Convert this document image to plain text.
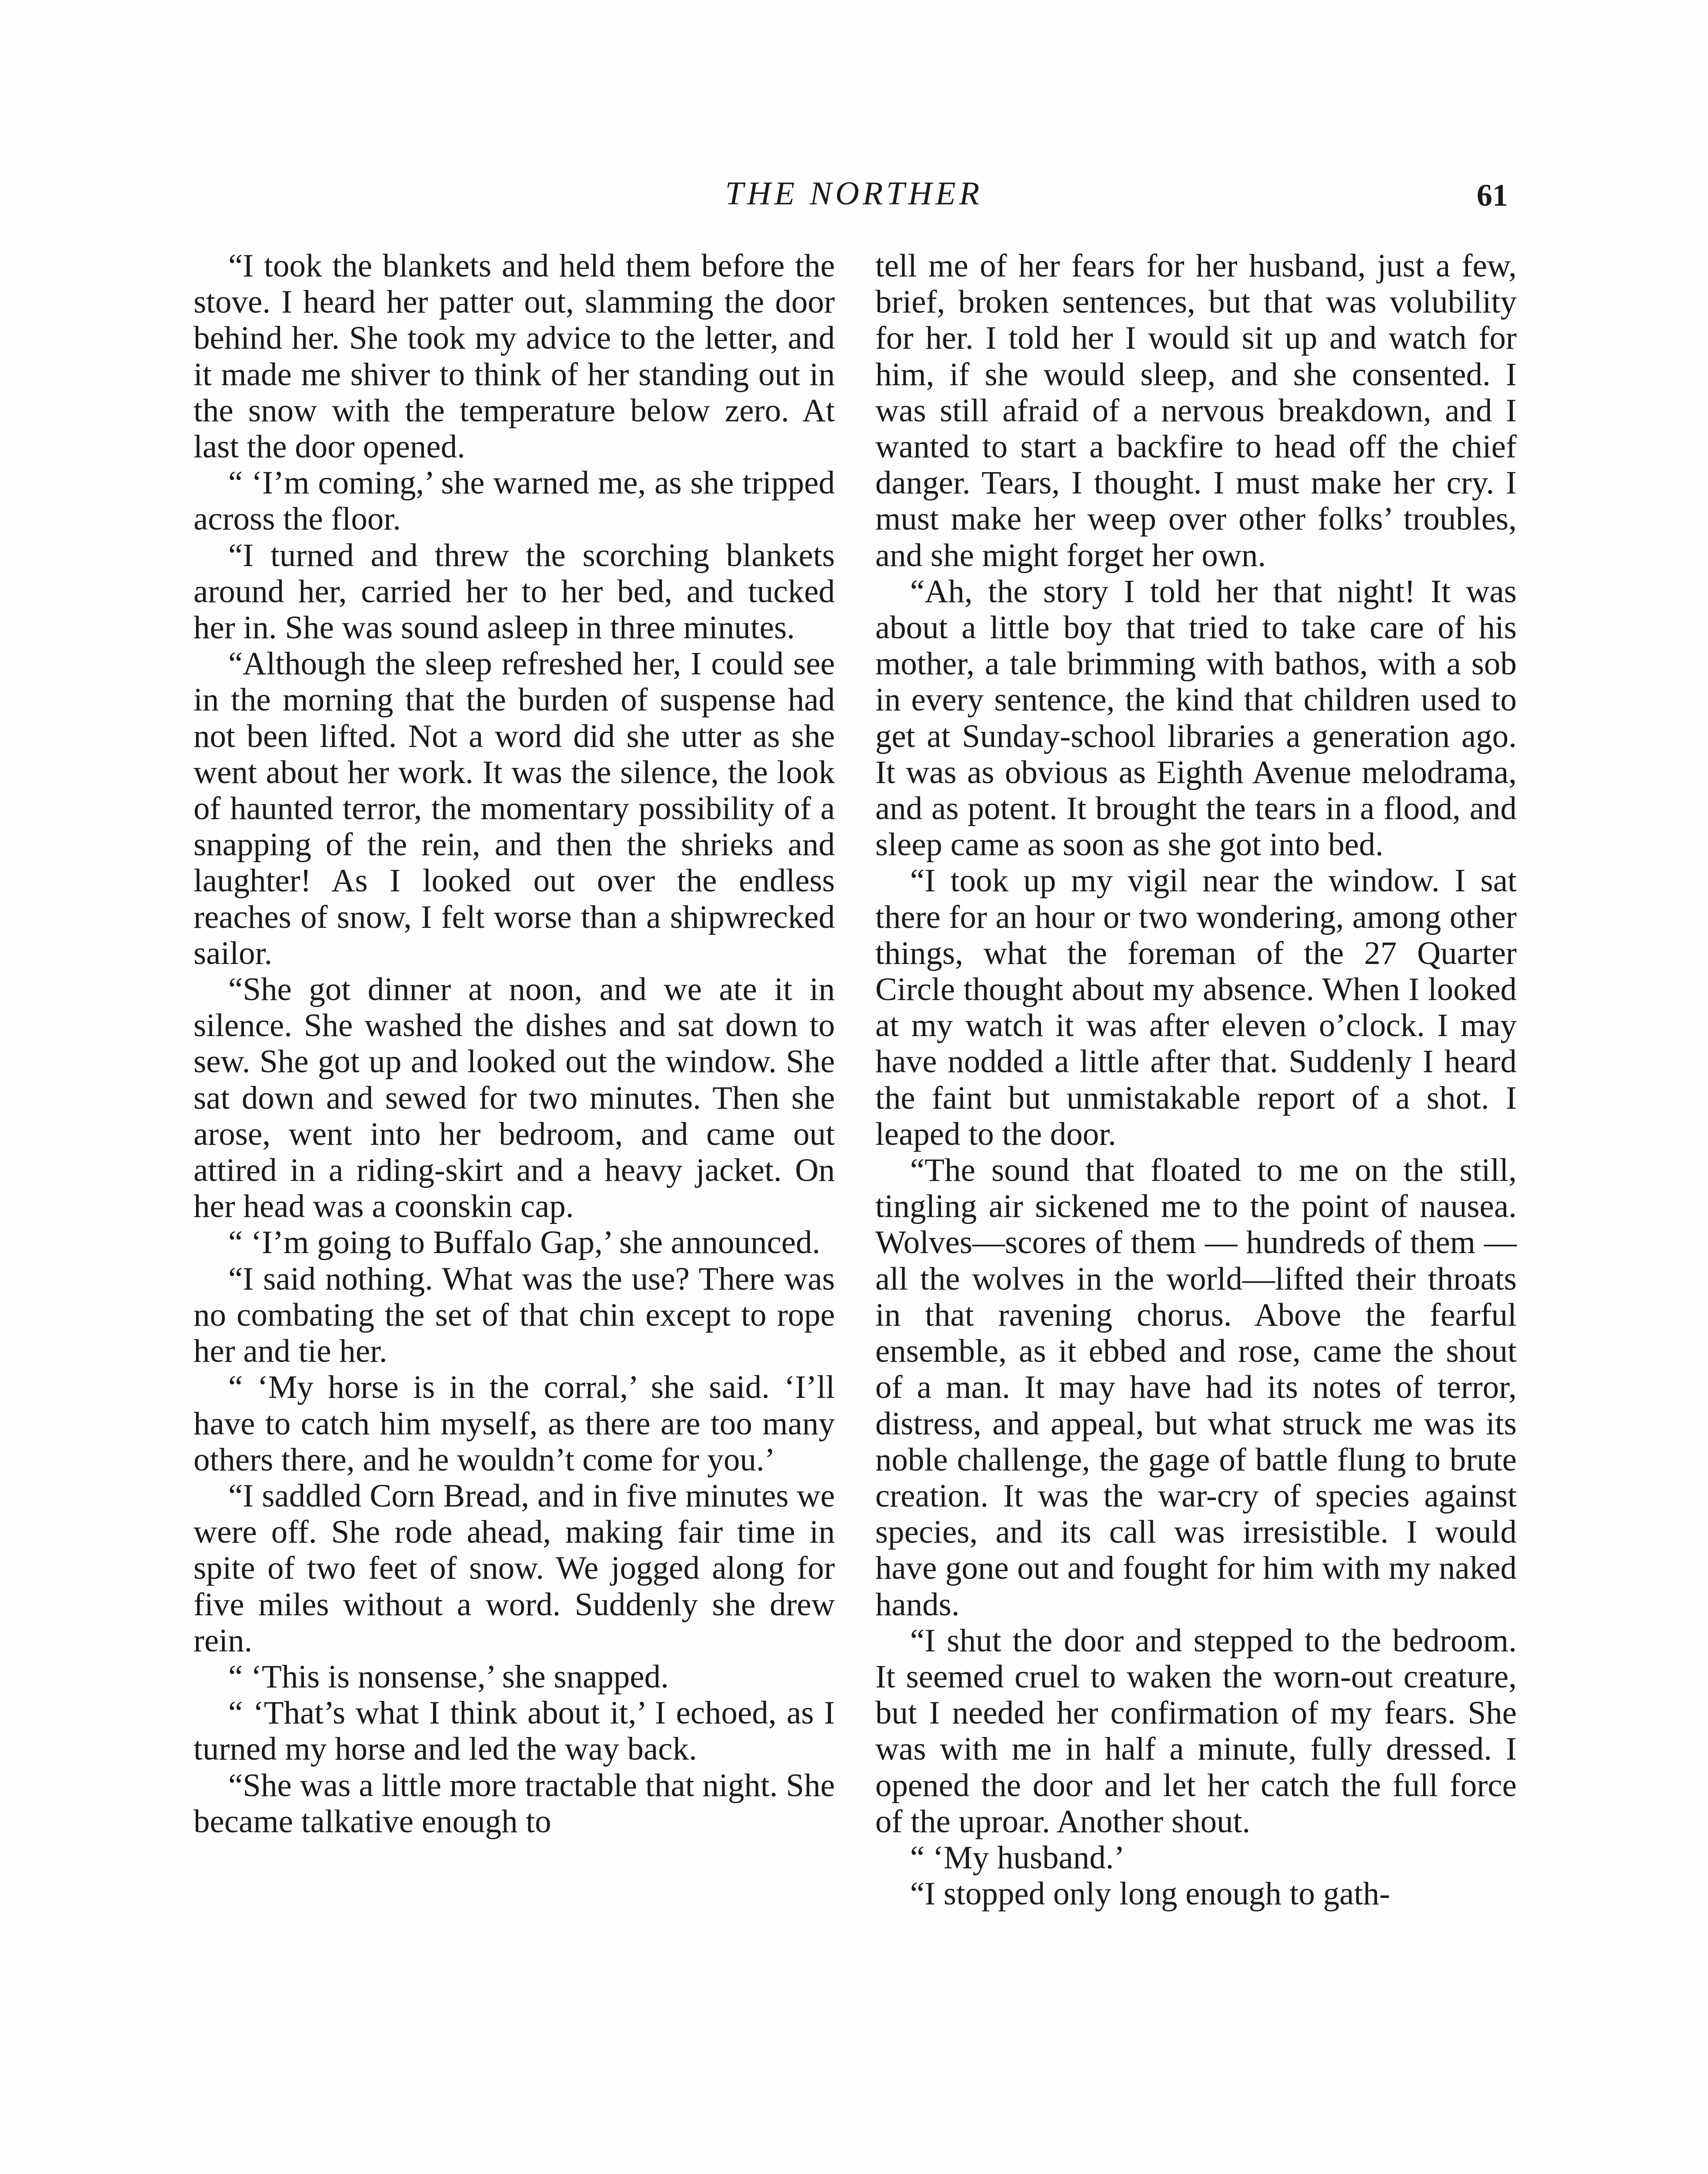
THE NORTHER	61

“I took the blankets and held them before the stove. I heard her patter out, slamming the door behind her. She took my advice to the letter, and it made me shiver to think of her standing out in the snow with the temperature below zero. At last the door opened.

“ ‘I’m coming,’ she warned me, as she tripped across the floor.

“I turned and threw the scorching blankets around her, carried her to her bed, and tucked her in. She was sound asleep in three minutes.

“Although the sleep refreshed her, I could see in the morning that the burden of suspense had not been lifted. Not a word did she utter as she went about her work. It was the silence, the look of haunted terror, the momentary possibility of a snapping of the rein, and then the shrieks and laughter! As I looked out over the endless reaches of snow, I felt worse than a shipwrecked sailor.

“She got dinner at noon, and we ate it in silence. She washed the dishes and sat down to sew. She got up and looked out the window. She sat down and sewed for two minutes. Then she arose, went into her bedroom, and came out attired in a riding-skirt and a heavy jacket. On her head was a coonskin cap.

“ ‘I’m going to Buffalo Gap,’ she announced.

“I said nothing. What was the use? There was no combating the set of that chin except to rope her and tie her.

“ ‘My horse is in the corral,’ she said. ‘I’ll have to catch him myself, as there are too many others there, and he wouldn’t come for you.’

“I saddled Corn Bread, and in five minutes we were off. She rode ahead, making fair time in spite of two feet of snow. We jogged along for five miles without a word. Suddenly she drew rein.

“ ‘This is nonsense,’ she snapped.

“ ‘That’s what I think about it,’ I echoed, as I turned my horse and led the way back.

“She was a little more tractable that night. She became talkative enough to

tell me of her fears for her husband, just a few, brief, broken sentences, but that was volubility for her. I told her I would sit up and watch for him, if she would sleep, and she consented. I was still afraid of a nervous breakdown, and I wanted to start a backfire to head off the chief danger. Tears, I thought. I must make her cry. I must make her weep over other folks’ troubles, and she might forget her own.

“Ah, the story I told her that night! It was about a little boy that tried to take care of his mother, a tale brimming with bathos, with a sob in every sentence, the kind that children used to get at Sunday-school libraries a generation ago. It was as obvious as Eighth Avenue melodrama, and as potent. It brought the tears in a flood, and sleep came as soon as she got into bed.

“I took up my vigil near the window. I sat there for an hour or two wondering, among other things, what the foreman of the 27 Quarter Circle thought about my absence. When I looked at my watch it was after eleven o’clock. I may have nodded a little after that. Suddenly I heard the faint but unmistakable report of a shot. I leaped to the door.

“The sound that floated to me on the still, tingling air sickened me to the point of nausea. Wolves—scores of them — hundreds of them — all the wolves in the world—lifted their throats in that ravening chorus. Above the fearful ensemble, as it ebbed and rose, came the shout of a man. It may have had its notes of terror, distress, and appeal, but what struck me was its noble challenge, the gage of battle flung to brute creation. It was the war-cry of species against species, and its call was irresistible. I would have gone out and fought for him with my naked hands.

“I shut the door and stepped to the bedroom. It seemed cruel to waken the worn-out creature, but I needed her confirmation of my fears. She was with me in half a minute, fully dressed. I opened the door and let her catch the full force of the uproar. Another shout.

“ ‘My husband.’

“I stopped only long enough to gath-
